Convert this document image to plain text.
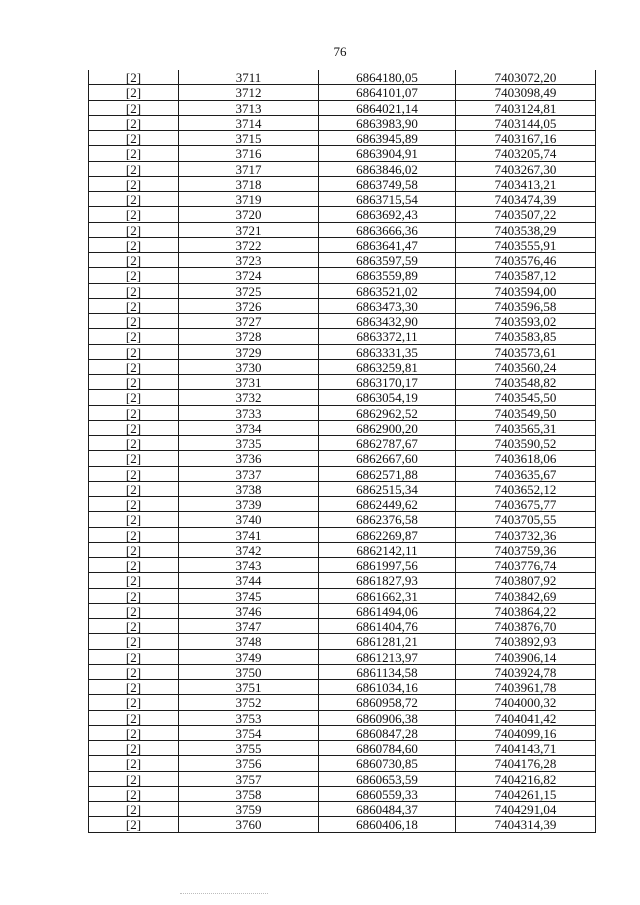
76
[2]	3711	6864180,05	7403072,20
[2]	3712	6864101,07	7403098,49
[2]	3713	6864021,14	7403124,81
[2]	3714	6863983,90	7403144,05
[2]	3715	6863945,89	7403167,16
[2]	3716	6863904,91	7403205,74
[2]	3717	6863846,02	7403267,30
[2]	3718	6863749,58	7403413,21
[2]	3719	6863715,54	7403474,39
[2]	3720	6863692,43	7403507,22
[2]	3721	6863666,36	7403538,29
[2]	3722	6863641,47	7403555,91
[2]	3723	6863597,59	7403576,46
[2]	3724	6863559,89	7403587,12
[2]	3725	6863521,02	7403594,00
[2]	3726	6863473,30	7403596,58
[2]	3727	6863432,90	7403593,02
[2]	3728	6863372,11	7403583,85
[2]	3729	6863331,35	7403573,61
[2]	3730	6863259,81	7403560,24
[2]	3731	6863170,17	7403548,82
[2]	3732	6863054,19	7403545,50
[2]	3733	6862962,52	7403549,50
[2]	3734	6862900,20	7403565,31
[2]	3735	6862787,67	7403590,52
[2]	3736	6862667,60	7403618,06
[2]	3737	6862571,88	7403635,67
[2]	3738	6862515,34	7403652,12
[2]	3739	6862449,62	7403675,77
[2]	3740	6862376,58	7403705,55
[2]	3741	6862269,87	7403732,36
[2]	3742	6862142,11	7403759,36
[2]	3743	6861997,56	7403776,74
[2]	3744	6861827,93	7403807,92
[2]	3745	6861662,31	7403842,69
[2]	3746	6861494,06	7403864,22
[2]	3747	6861404,76	7403876,70
[2]	3748	6861281,21	7403892,93
[2]	3749	6861213,97	7403906,14
[2]	3750	6861134,58	7403924,78
[2]	3751	6861034,16	7403961,78
[2]	3752	6860958,72	7404000,32
[2]	3753	6860906,38	7404041,42
[2]	3754	6860847,28	7404099,16
[2]	3755	6860784,60	7404143,71
[2]	3756	6860730,85	7404176,28
[2]	3757	6860653,59	7404216,82
[2]	3758	6860559,33	7404261,15
[2]	3759	6860484,37	7404291,04
[2]	3760	6860406,18	7404314,39
